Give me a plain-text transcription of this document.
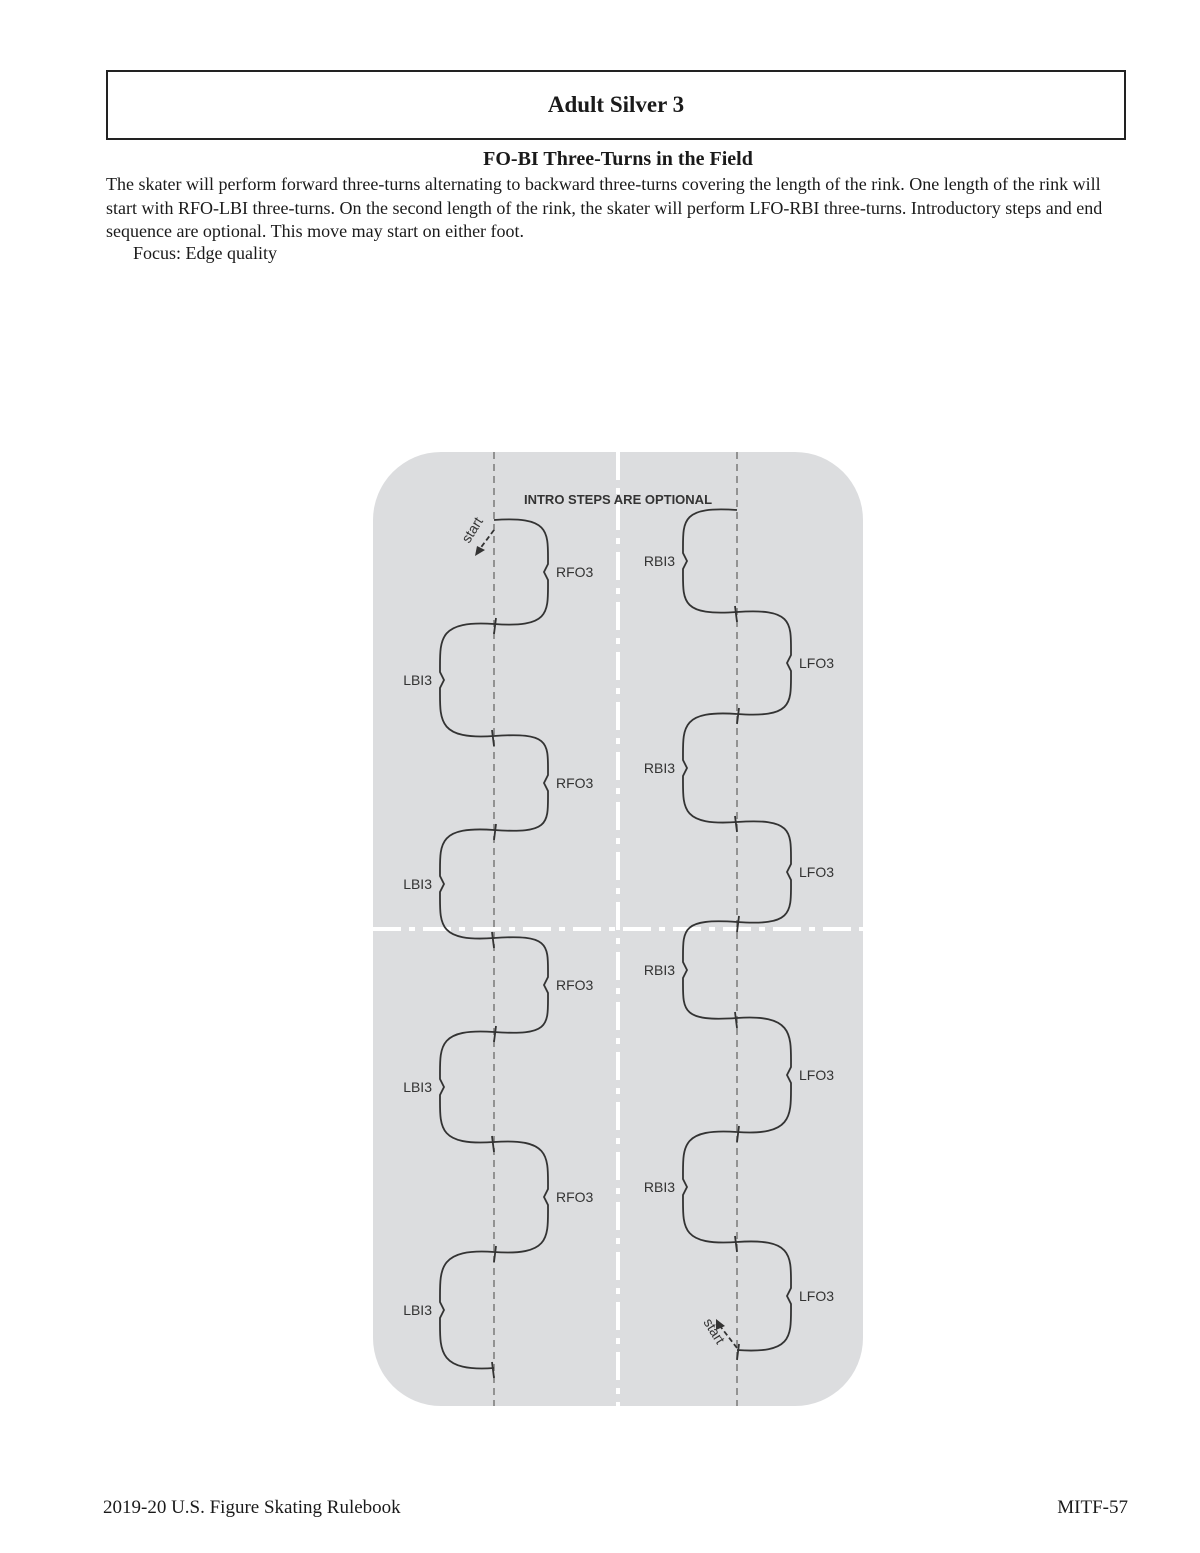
Adult Silver 3
FO-BI Three-Turns in the Field

The skater will perform forward three-turns alternating to backward three-turns covering the length of the rink. One length of the rink will start with RFO-LBI three-turns. On the second length of the rink, the skater will perform LFO-RBI three-turns. Introductory steps and end sequence are optional. This move may start on either foot.

Focus: Edge quality

INTRO STEPS ARE OPTIONAL
RFO3
LBI3
RFO3
LBI3
RFO3
LBI3
RFO3
LBI3
RBI3
LFO3
RBI3
LFO3
RBI3
LFO3
RBI3
LFO3
start
start
2019-20 U.S. Figure Skating Rulebook	MITF-57
